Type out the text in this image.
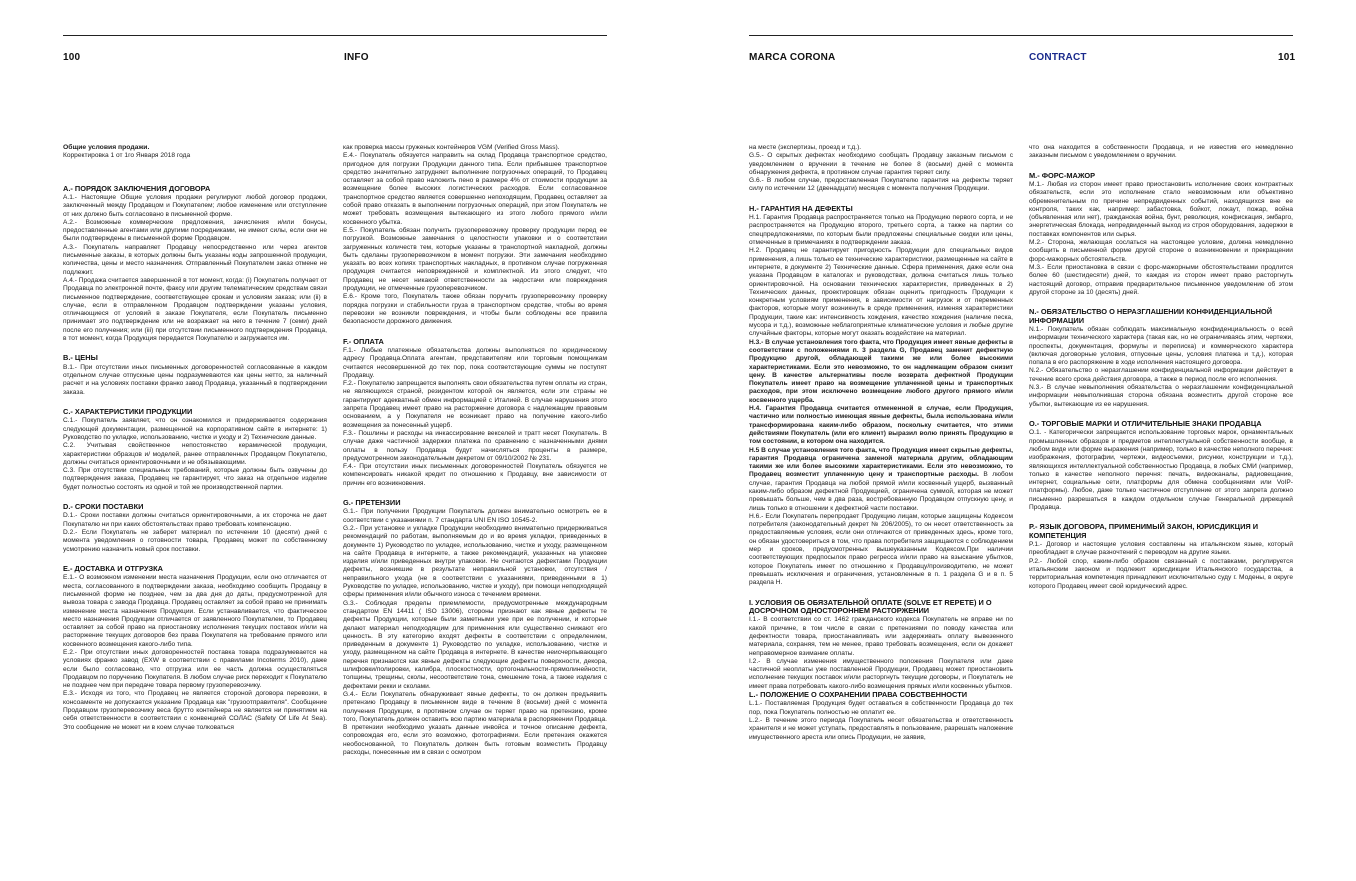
100	INFO	MARCA CORONA	CONTRACT	101

Общие условия продажи.

Корректировка 1 от 1го Января 2018 года

A.- ПОРЯДОК ЗАКЛЮЧЕНИЯ ДОГОВОРА

A.1.- Настоящие Общие условия продажи регулируют любой договор продажи, заключенный между Продавцом и Покупателем; любое изменение или отступление от них должно быть согласовано в письменной форме.

A.2.- Возможные коммерческие предложения, зачисления и/или бонусы, предоставленные агентами или другими посредниками, не имеют силы, если они не были подтверждены в письменной форме Продавцом.

A.3.- Покупатель направляет Продавцу непосредственно или через агентов письменные заказы, в которых должны быть указаны коды запрошенной продукции, количества, цены и место назначения. Отправленный Покупателем заказ отмене не подлежит.

A.4.- Продажа считается завершенной в тот момент, когда: (i) Покупатель получает от Продавца по электронной почте, факсу или другим телематическим средствам связи письменное подтверждение, соответствующее срокам и условиям заказа; или (ii) в случае, если в отправленном Продавцом подтверждении указаны условия, отличающиеся от условий в заказе Покупателя, если Покупатель письменно принимает это подтверждение или не возражает на него в течение 7 (семи) дней после его получения; или (iii) при отсутствии письменного подтверждения Продавца, в тот момент, когда Продукция передается Покупателю и загружается им.

B.- ЦЕНЫ

B.1.- При отсутствии иных письменных договоренностей согласованные в каждом отдельном случае отпускные цены подразумеваются как цены нетто, за наличный расчет и на условиях поставки франко завод Продавца, указанный в подтверждении заказа.

C.- ХАРАКТЕРИСТИКИ ПРОДУКЦИИ

C.1.- Покупатель заявляет, что он ознакомился и придерживается содержания следующей документации, размещенной на корпоративном сайте в интернете: 1) Руководство по укладке, использованию, чистке и уходу и 2) Технические данные.

C.2. Учитывая свойственное непостоянство керамической продукции, характеристики образцов и/ моделей, ранее отправленных Продавцом Покупателю, должны считаться ориентировочными и не обязывающими.

C.3. При отсутствии специальных требований, которые должны быть озвучены до подтверждения заказа, Продавец не гарантирует, что заказ на отдельное изделие будет полностью состоять из одной и той же производственной партии.

D.- СРОКИ ПОСТАВКИ

D.1.- Сроки поставки должны считаться ориентировочными, а их сторочка не дает Покупателю ни при каких обстоятельствах право требовать компенсацию.

D.2.- Если Покупатель не заберет материал по истечении 10 (десяти) дней с момента уведомления о готовности товара, Продавец может по собственному усмотрению назначить новый срок поставки.

E.- ДОСТАВКА И ОТГРУЗКА

E.1.- О возможном изменении места назначения Продукции, если оно отличается от места, согласованного в подтверждении заказа, необходимо сообщить Продавцу в письменной форме не позднее, чем за два дня до даты, предусмотренной для вывоза товара с завода Продавца. Продавец оставляет за собой право не принимать изменение места назначения Продукции. Если устанавливается, что фактическое место назначения Продукции отличается от заявленного Покупателем, то Продавец оставляет за собой право на приостановку исполнения текущих поставок и/или на расторжение текущих договоров без права Покупателя на требование прямого или косвенного возмещения какого-либо типа.

E.2.- При отсутствии иных договоренностей поставка товара подразумевается на условиях франко завод (EXW в соответствии с правилами Incoterms 2010), даже если было согласовано, что отгрузка или ее часть должна осуществляться Продавцом по поручению Покупателя. В любом случае риск переходит к Покупателю не позднее чем при передаче товара первому грузоперевозчику.

E.3.- Исходя из того, что Продавец не является стороной договора перевозки, в консоаменте не допускается указание Продавца как "грузоотправителя". Сообщение Продавцом грузоперевозчику веса брутто контейнера не является ни принятием на себя ответственности в соответствии с конвенцией СОЛАС (Safety Of Life At Sea). Это сообщение не может ни в коем случае толковаться

как проверка массы груженых контейнеров VGM (Verified Gross Mass).

E.4.- Покупатель обязуется направить на склад Продавца транспортное средство, пригодное для погрузки Продукции данного типа. Если прибывшее транспортное средство значительно затрудняет выполнение погрузочных операций, то Продавец оставляет за собой право наложить пено в размере 4% от стоимости продукции за возмещение более высоких логистических расходов. Если согласованное транспортное средство является совершенно непоходящим, Продавец оставляет за собой право отказать в выполнении погрузочных операций, при этом Покупатель не может требовать возмещения вытекающего из этого любого прямого и/или косвенного убытка.

E.5.- Покупатель обязан получить грузоперевозчику проверку продукции перед ее погрузкой. Возможные замечания о целостности упаковки и о соответствии загруженных количеств тем, которые указаны в транспортной накладной, должны быть сделаны грузоперевозчиком в момент погрузки. Эти замечания необходимо указать во всех копиях транспортных накладных, в противном случае погруженная продукция считается неповрежденной и комплектной. Из этого следует, что Продавец не несет никакой ответственности за недостачи или повреждения продукции, не отмеченные грузоперевозчиком.

E.6.- Кроме того, Покупатель также обязан поручить грузоперевозчику проверку порядка погрузки и стабильности груза в транспортном средстве, чтобы во время перевозки не возникли повреждения, и чтобы были соблюдены все правила безопасности дорожного движения.

F.- ОПЛАТА

F.1.- Любые платежные обязательства должны выполняться по юридическому адресу Продавца.Оплата агентам, представителям или торговым помощникам считается несовершенной до тех пор, пока соответствующие суммы не поступят Продавцу.

F.2.- Покупателю запрещается выполнять свои обязательства путем оплаты из стран, не являющихся страной, резидентом которой он является, если эти страны не гарантируют адекватный обмен информацией с Италией. В случае нарушения этого запрета Продавец имеет право на расторжение договора с надлежащим правовым основанием, а у Покупателя не возникает право на получение какого-либо возмещения за понесенный ущерб.

F.3.- Пошлины и расходы на инкассирование векселей и тратт несет Покупатель. В случае даже частичной задержки платежа по сравнению с назначенными днями оплаты в пользу Продавца будут начисляться проценты в размере, предусмотренном законодательным декретом от 09/10/2002 № 231.

F.4.- При отсутствии иных письменных договоренностей Покупатель обязуется не компенсировать никакой кредит по отношению к Продавцу, вне зависимости от причин его возникновения.

G.- ПРЕТЕНЗИИ

G.1.- При получении Продукции Покупатель должен внимательно осмотреть ее в соответствии с указаниями п. 7 стандарта UNI EN ISO 10545-2.

G.2.- При установке и укладке Продукции необходимо внимательно придерживаться рекомендаций по работам, выполняемым до и во время укладки, приведенных в документе 1) Руководство по укладке, использованию, чистке и уходу, размещенном на сайте Продавца в интернете, а также рекомендаций, указанных на упаковке изделия и/или приведенных внутри упаковки. Не считаются дефектами Продукции дефекты, возникшие в результате неправильной установки, отсутствия / неправильного ухода (не в соответствии с указаниями, приведенными в 1) Руководстве по укладке, использованию, чистке и уходу), при помощи неподходящей сферы применения и/или обычного износа с течением времени.

G.3.- Соблюдая пределы приемлемости, предусмотренные международным стандартом EN 14411 ( ISO 13006), стороны признают как явные дефекты те дефекты Продукции, которые были заметными уже при ее получении, и которые делают материал неподходящим для применения или существенно снижают его ценность. В эту категорию входят дефекты в соответствии с определением, приведенным в документе 1) Руководство по укладке, использованию, чистке и уходу, размещенном на сайте Продавца в интернете. В качестве неисчерпывающего перечня признаются как явные дефекты следующие дефекты поверхности, декора, шлифовки/полировки, калибра, плоскостности, ортогональности-прямолинейности, толщины, трещины, сколы, несоответствие тона, смешение тона, а также изделия с дефектами рекки и сколами.

G.4.- Если Покупатель обнаруживает явные дефекты, то он должен предъявить претензию Продавцу в письменном виде в течение 8 (восьми) дней с момента получения Продукции, в противном случае он теряет право на претензию, кроме того, Покупатель должен оставить всю партию материала в распоряжении Продавца. В претензии необходимо указать данные инвойса и точное описание дефекта, сопровождая его, если это возможно, фотографиями. Если претензия окажется необоснованной, то Покупатель должен быть готовым возместить Продавцу расходы, понесенные им в связи с осмотром

на месте (экспертизы, проезд и т.д.).

G.5.- О скрытых дефектах необходимо сообщать Продавцу заказным письмом с уведомлением о вручении в течение не более 8 (восьми) дней с момента обнаружения дефекта, в противном случае гарантия теряет силу.

G.6.- В любом случае, предоставленная Покупателю гарантия на дефекты теряет силу по истечении 12 (двенадцати) месяцев с момента получения Продукции.

H.- ГАРАНТИЯ НА ДЕФЕКТЫ

H.1. Гарантия Продавца распространяется только на Продукцию первого сорта, и не распространяется на Продукцию второго, третьего сорта, а также на партии со спецпредложениями, по которым были предложены специальные скидки или цены, отмеченные в примечаниях в подтверждении заказа.

H.2. Продавец не гарантирует пригодность Продукции для специальных видов применения, а лишь только ее технические характеристики, размещенные на сайте в интернете, в документе 2) Технические данные. Сфера применения, даже если она указана Продавцом в каталогах и руководствах, должна считаться лишь только ориентировочной. На основании технических характеристик, приведенных в 2) Технических данных, проектировщик обязан оценить пригодность Продукции к конкретным условиям применения, в зависимости от нагрузок и от переменных факторов, которые могут возникнуть в среде применения, изменяя характеристики Продукции, такие как: интенсивность хождения, качество хождения (наличие песка, мусора и т.д.), возможные неблагоприятные климатические условия и любые другие случайные факторы, которые могут оказать воздействие на материал.

H.3.- В случае установления того факта, что Продукция имеет явные дефекты в соответствии с положениями п. 3 раздела G, Продавец заменит дефектную Продукцию другой, обладающей такими же или более высокими характеристиками. Если это невозможно, то он надлежащим образом снизит цену. В качестве альтернативы после возврата дефектной Продукции Покупатель имеет право на возмещение уплаченной цены и транспортных расходов, при этом исключено возмещение любого другого прямого и/или косвенного ущерба.

H.4. Гарантия Продавца считается отмененной в случае, если Продукция, частично или полностью имеющая явные дефекты, была использована и/или трансформирована каким-либо образом, поскольку считается, что этими действиями Покупатель (или его клиент) выразил волю принять Продукцию в том состоянии, в котором она находится.

H.5 В случае установления того факта, что Продукция имеет скрытые дефекты, гарантия Продавца ограничена заменой материала другим, обладающим такими же или более высокими характеристиками. Если это невозможно, то Продавец возместит уплаченную цену и транспортные расходы. В любом случае, гарантия Продавца на любой прямой и/или косвенный ущерб, вызванный каким-либо образом дефектной Продукцией, ограничена суммой, которая не может превышать больше, чем в два раза, востребованную Продавцом отпускную цену, и лишь только в отношении к дефектной части поставки.

H.6.- Если Покупатель перепродает Продукцию лицам, которые защищены Кодексом потребителя (законодательный декрет № 206/2005), то он несет ответственность за предоставляемые условия, если они отличаются от приведенных здесь, кроме того, он обязан удостовериться в том, что права потребителя защищаются с соблюдением мер и сроков, предусмотренных вышеуказанным Кодексом.При наличии соответствующих предпосылок право регресса и/или право на взыскание убытков, которое Покупатель имеет по отношению к Продавцу/производителю, не может превышать исключения и ограничения, установленные в п. 1 раздела G и в п. 5 раздела H.

I. УСЛОВИЯ ОБ ОБЯЗАТЕЛЬНОЙ ОПЛАТЕ (SOLVE ET REPETE) И О ДОСРОЧНОМ ОДНОСТОРОННЕМ РАСТОРЖЕНИИ

I.1.- В соответствии со ст. 1462 гражданского кодекса Покупатель не вправе ни по какой причине, в том числе в связи с претензиями по поводу качества или дефектности товара, приостанавливать или задерживать оплату вывезенного материала, сохраняя, тем не менее, право требовать возмещения, если он докажет неправомерное взимание оплаты.

I.2.- В случае изменения имущественного положения Покупателя или даже частичной неоплаты уже поставленной Продукции, Продавец может приостановить исполнение текущих поставок и/или расторгнуть текущие договоры, и Покупатель не имеет права потребовать какого-либо возмещения прямых и/или косвенных убытков.

L.- ПОЛОЖЕНИЕ О СОХРАНЕНИИ ПРАВА СОБСТВЕННОСТИ

L.1.- Поставляемая Продукция будет оставаться в собственности Продавца до тех пор, пока Покупатель полностью не оплатит ее.

L.2.- В течение этого периода Покупатель несет обязательства и ответственность хранителя и не может уступать, предоставлять в пользование, разрешать наложение имущественного ареста или опись Продукции, не заявив,

что она находится в собственности Продавца, и не известив его немедленно заказным письмом с уведомлением о вручении.

M.- ФОРС-МАЖОР

M.1.- Любая из сторон имеет право приостановить исполнение своих контрактных обязательств, если это исполнение стало невозможным или объективно обременительным по причине непредвиденных событий, находящихся вне ее контроля, таких как, например: забастовка, бойкот, локаут, пожар, война (объявленная или нет), гражданская война, бунт, революция, конфискация, эмбарго, энергетическая блокада, непредвиденный выход из строя оборудования, задержки в поставках компонентов или сырья.

M.2.- Сторона, желающая сослаться на настоящее условие, должна немедленно сообщить в письменной форме другой стороне о возникновении и прекращении форс-мажорных обстоятельств.

M.3.- Если приостановка в связи с форс-мажорными обстоятельствами продлится более 60 (шестидесяти) дней, то каждая из сторон имеет право расторгнуть настоящий договор, отправив предварительное письменное уведомление об этом другой стороне за 10 (десять) дней.

N.- ОБЯЗАТЕЛЬСТВО О НЕРАЗГЛАШЕНИИ КОНФИДЕНЦИАЛЬНОЙ ИНФОРМАЦИИ

N.1.- Покупатель обязан соблюдать максимальную конфиденциальность о всей информации технического характера (такая как, но не ограничиваясь этим, чертежи, проспекты, документация, формулы и переписка) и коммерческого характера (включая договорные условия, отпускные цены, условия платежа и т.д.), которая попала в его распоряжение в ходе исполнения настоящего договора.

N.2.- Обязательство о неразглашении конфиденциальной информации действует в течение всего срока действия договора, а также в период после его исполнения.

N.3.- В случае невыполнения обязательства о неразглашении конфиденциальной информации невыполнившая сторона обязана возместить другой стороне все убытки, вытекающие из ее нарушения.

O.- ТОРГОВЫЕ МАРКИ И ОТЛИЧИТЕЛЬНЫЕ ЗНАКИ ПРОДАВЦА

O.1. - Категорически запрещается использование торговых марок, орнаментальных промышленных образцов и предметов интеллектуальной собственности вообще, в любом виде или форме выражения (например, только в качестве неполного перечня: изображения, фотографии, чертежи, видеосъемки, рисунки, конструкции и т.д.), являющихся интеллектуальной собственностью Продавца, в любых СМИ (например, только в качестве неполного перечня: печать, видеоканалы, радиовещание, интернет, социальные сети, платформы для обмена сообщениями или VoIP-платформы). Любое, даже только частичное отступление от этого запрета должно письменно разрешаться в каждом отдельном случае Генеральной дирекцией Продавца.

P.- ЯЗЫК ДОГОВОРА, ПРИМЕНИМЫЙ ЗАКОН, ЮРИСДИКЦИЯ И КОМПЕТЕНЦИЯ

P.1.- Договор и настоящие условия составлены на итальянском языке, который преобладает в случае разночтений с переводом на другие языки.

P.2.- Любой спор, каким-либо образом связанный с поставками, регулируется итальянским законом и подлежит юрисдикции Итальянского государства, а территориальная компетенция принадлежит исключительно суду г. Модены, в округе которого Продавец имеет свой юридический адрес.
